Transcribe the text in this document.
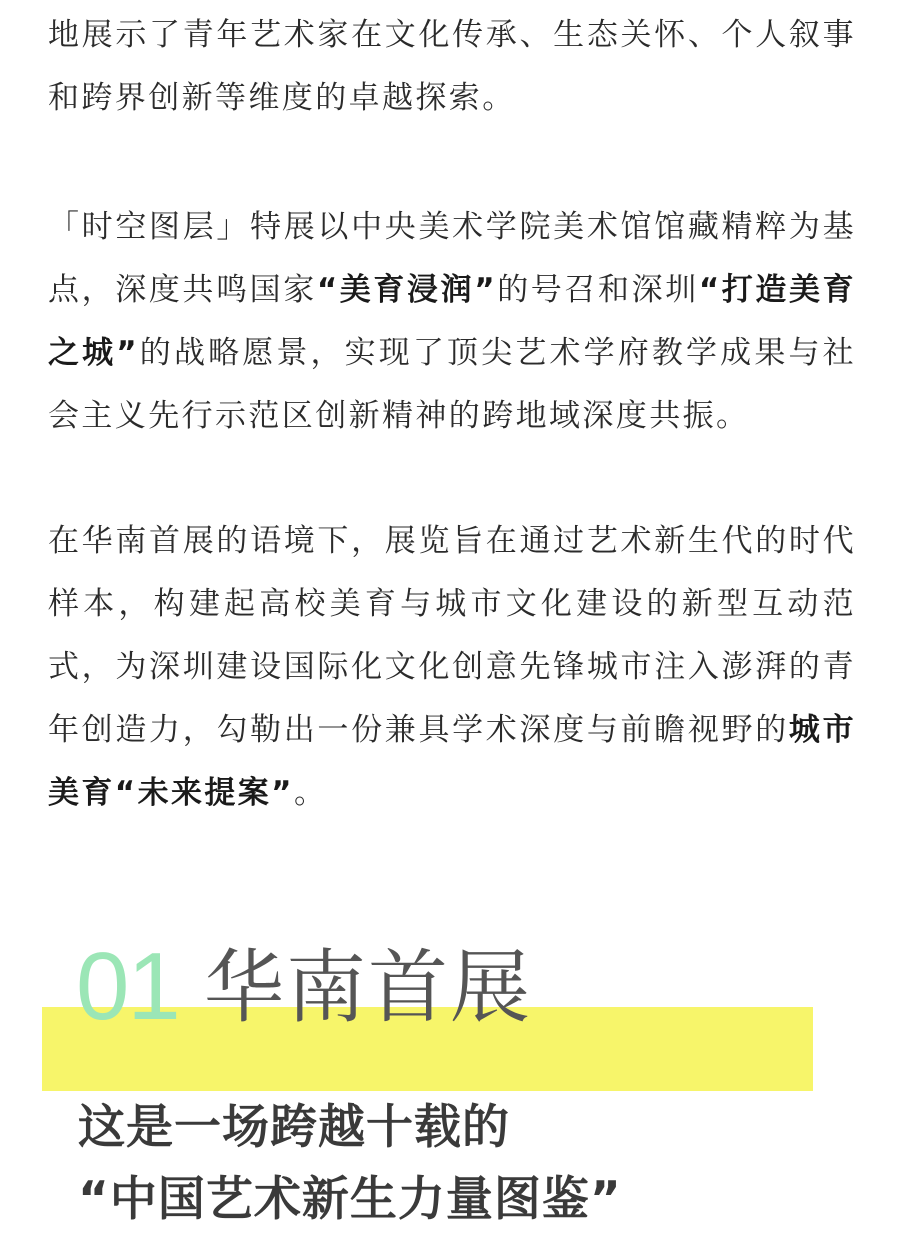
地展示了青年艺术家在文化传承、生态关怀、个人叙事和跨界创新等维度的卓越探索。

「时空图层」特展以中央美术学院美术馆馆藏精粹为基点，深度共鸣国家“美育浸润”的号召和深圳“打造美育之城”的战略愿景，实现了顶尖艺术学府教学成果与社会主义先行示范区创新精神的跨地域深度共振。

在华南首展的语境下，展览旨在通过艺术新生代的时代样本，构建起高校美育与城市文化建设的新型互动范式，为深圳建设国际化文化创意先锋城市注入澎湃的青年创造力，勾勒出一份兼具学术深度与前瞻视野的城市美育“未来提案”。

01 华南首展
这是一场跨越十载的
“中国艺术新生力量图鉴”
